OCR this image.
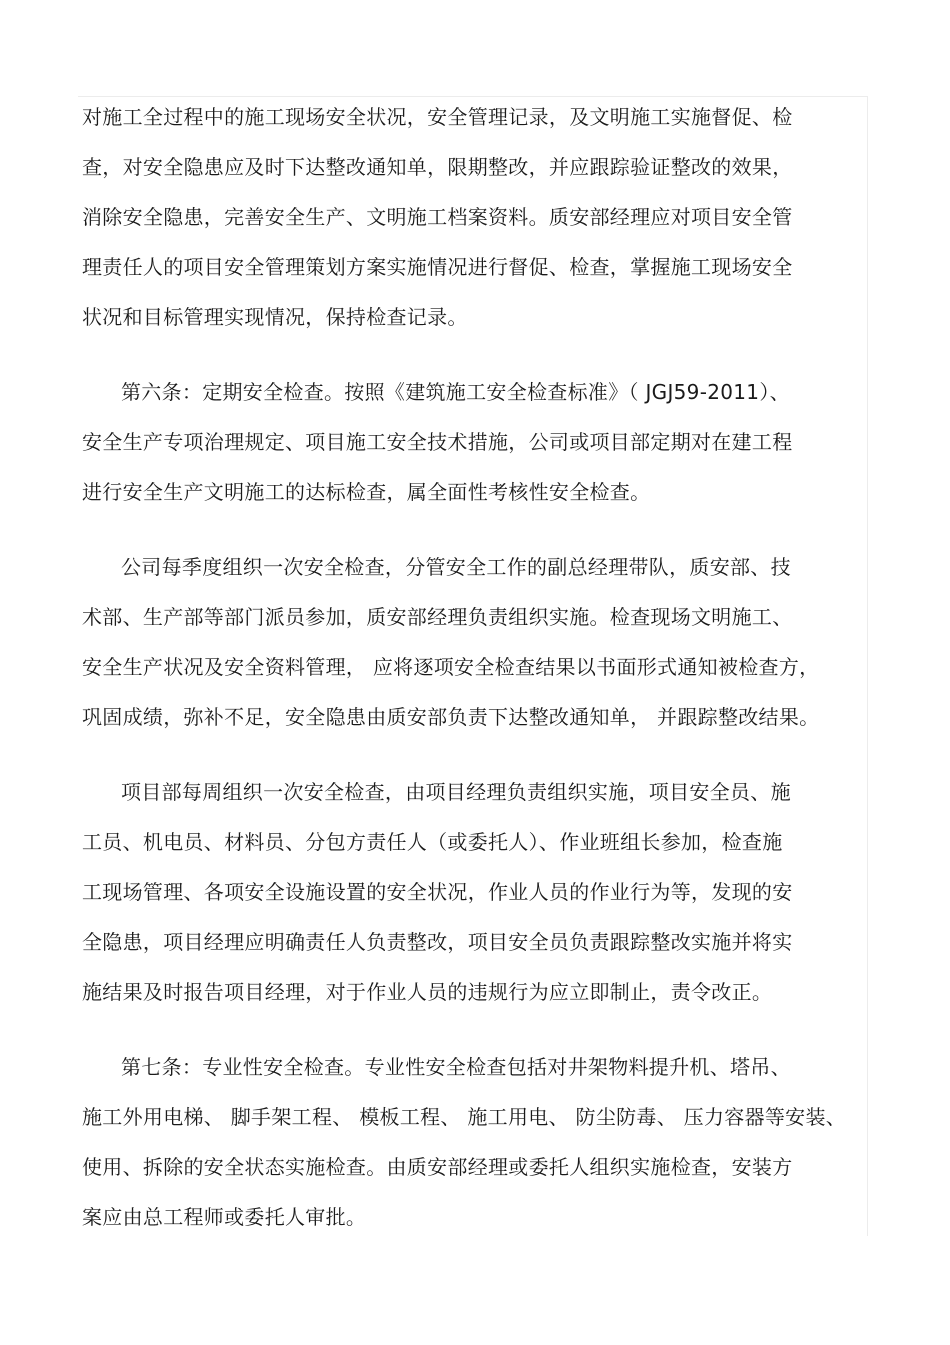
对施工全过程中的施工现场安全状况，安全管理记录，及文明施工实施督促、检
查，对安全隐患应及时下达整改通知单，限期整改，并应跟踪验证整改的效果，
消除安全隐患，完善安全生产、文明施工档案资料。质安部经理应对项目安全管
理责任人的项目安全管理策划方案实施情况进行督促、检查，掌握施工现场安全
状况和目标管理实现情况，保持检查记录。
第六条：定期安全检查。按照《建筑施工安全检查标准》（ JGJ59-2011）、
安全生产专项治理规定、项目施工安全技术措施，公司或项目部定期对在建工程
进行安全生产文明施工的达标检查，属全面性考核性安全检查。
公司每季度组织一次安全检查，分管安全工作的副总经理带队，质安部、技
术部、生产部等部门派员参加，质安部经理负责组织实施。检查现场文明施工、
安全生产状况及安全资料管理， 应将逐项安全检查结果以书面形式通知被检查方，
巩固成绩，弥补不足，安全隐患由质安部负责下达整改通知单， 并跟踪整改结果。
项目部每周组织一次安全检查，由项目经理负责组织实施，项目安全员、施
工员、机电员、材料员、分包方责任人（或委托人）、作业班组长参加，检查施
工现场管理、各项安全设施设置的安全状况，作业人员的作业行为等，发现的安
全隐患，项目经理应明确责任人负责整改，项目安全员负责跟踪整改实施并将实
施结果及时报告项目经理，对于作业人员的违规行为应立即制止，责令改正。
第七条：专业性安全检查。专业性安全检查包括对井架物料提升机、塔吊、
施工外用电梯、 脚手架工程、 模板工程、 施工用电、 防尘防毒、 压力容器等安装、
使用、拆除的安全状态实施检查。由质安部经理或委托人组织实施检查，安装方
案应由总工程师或委托人审批。
